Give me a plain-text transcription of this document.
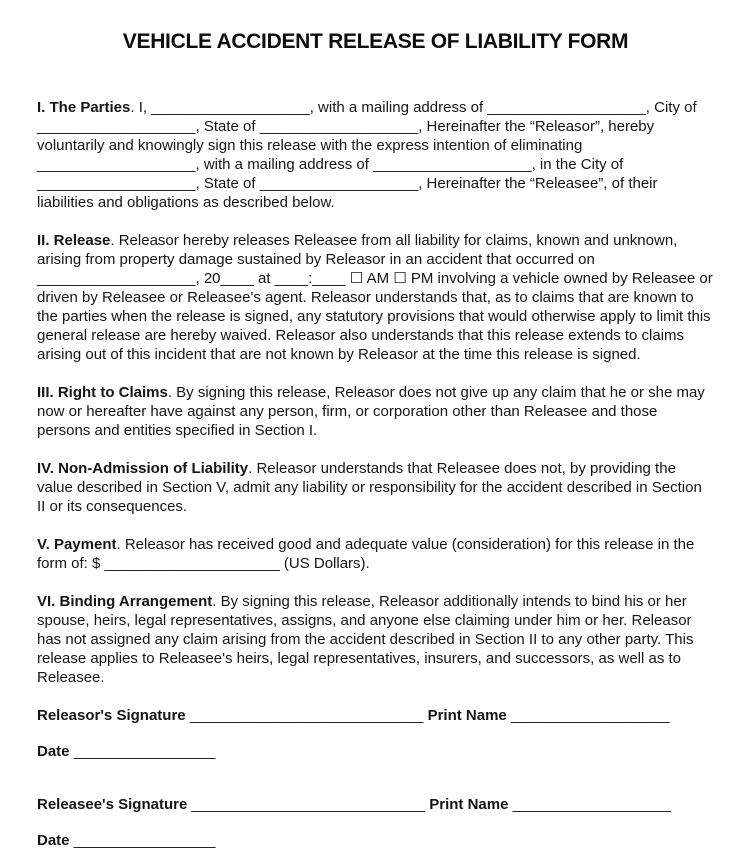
VEHICLE ACCIDENT RELEASE OF LIABILITY FORM

I. The Parties. I, ___________________, with a mailing address of ___________________, City of ___________________, State of ___________________, Hereinafter the “Releasor”, hereby voluntarily and knowingly sign this release with the express intention of eliminating ___________________, with a mailing address of ___________________, in the City of ___________________, State of ___________________, Hereinafter the “Releasee”, of their liabilities and obligations as described below.

II. Release. Releasor hereby releases Releasee from all liability for claims, known and unknown, arising from property damage sustained by Releasor in an accident that occurred on ___________________, 20____ at ____:____ ☐ AM ☐ PM involving a vehicle owned by Releasee or driven by Releasee or Releasee's agent. Releasor understands that, as to claims that are known to the parties when the release is signed, any statutory provisions that would otherwise apply to limit this general release are hereby waived. Releasor also understands that this release extends to claims arising out of this incident that are not known by Releasor at the time this release is signed.

III. Right to Claims. By signing this release, Releasor does not give up any claim that he or she may now or hereafter have against any person, firm, or corporation other than Releasee and those persons and entities specified in Section I.

IV. Non-Admission of Liability. Releasor understands that Releasee does not, by providing the value described in Section V, admit any liability or responsibility for the accident described in Section II or its consequences.

V. Payment. Releasor has received good and adequate value (consideration) for this release in the form of: $ _____________________ (US Dollars).

VI. Binding Arrangement. By signing this release, Releasor additionally intends to bind his or her spouse, heirs, legal representatives, assigns, and anyone else claiming under him or her. Releasor has not assigned any claim arising from the accident described in Section II to any other party. This release applies to Releasee's heirs, legal representatives, insurers, and successors, as well as to Releasee.

Releasor's Signature ____________________________ Print Name ___________________
Date _________________
Releasee's Signature ____________________________ Print Name ___________________
Date _________________
